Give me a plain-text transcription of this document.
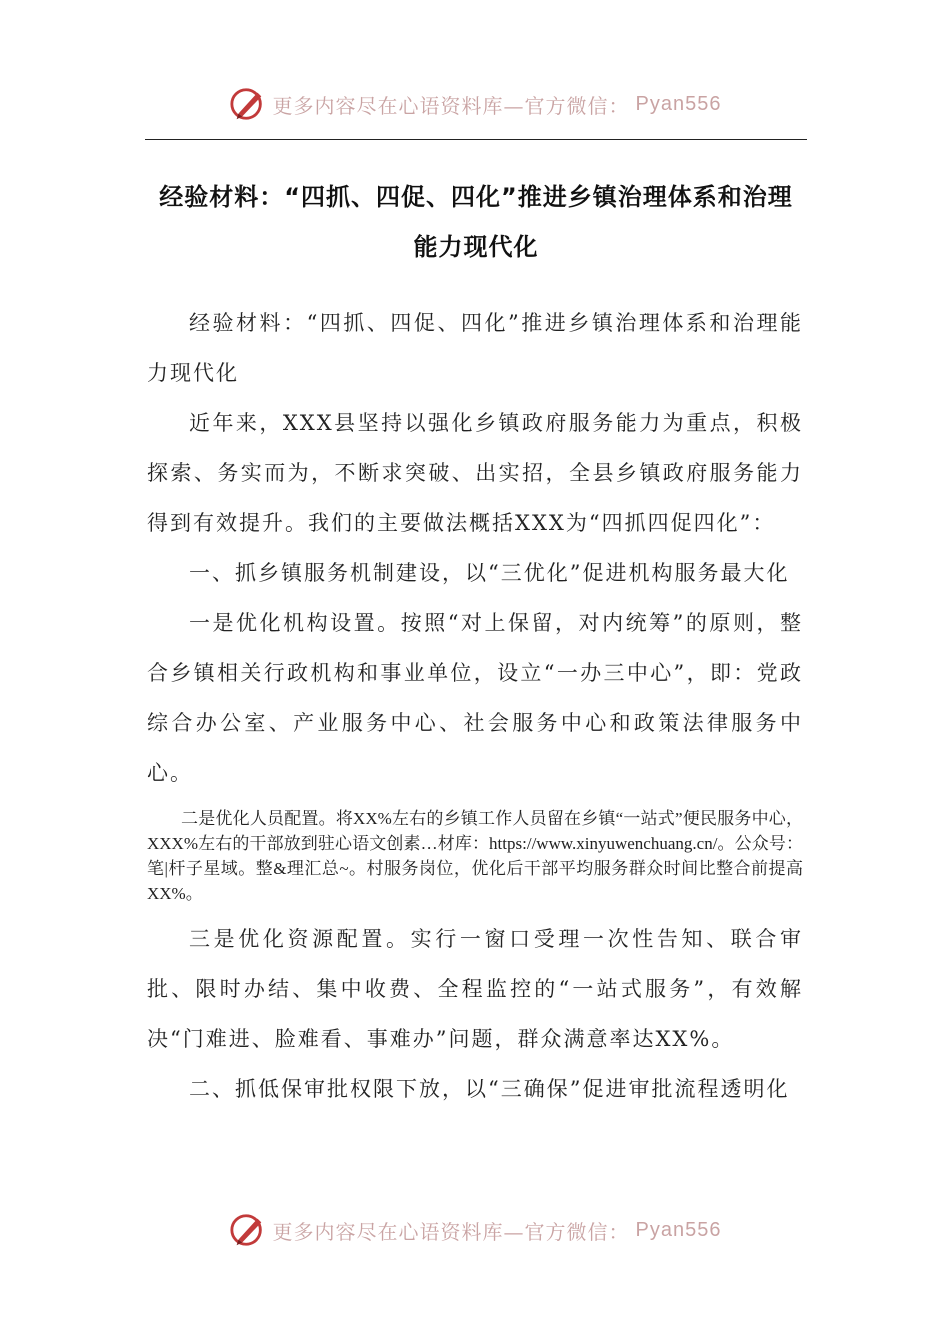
更多内容尽在心语资料库—官方微信： Pyan556
经验材料：“四抓、四促、四化”推进乡镇治理体系和治理能力现代化

经验材料：“四抓、四促、四化”推进乡镇治理体系和治理能力现代化

近年来，XXX县坚持以强化乡镇政府服务能力为重点，积极探索、务实而为，不断求突破、出实招，全县乡镇政府服务能力得到有效提升。我们的主要做法概括XXX为“四抓四促四化”：

一、抓乡镇服务机制建设，以“三优化”促进机构服务最大化

一是优化机构设置。按照“对上保留，对内统筹”的原则，整合乡镇相关行政机构和事业单位，设立“一办三中心”，即：党政综合办公室、产业服务中心、社会服务中心和政策法律服务中心。

二是优化人员配置。将XX%左右的乡镇工作人员留在乡镇“一站式”便民服务中心，XXX%左右的干部放到驻心语文创素…材库：https://www.xinyuwenchuang.cn/。公众号：笔|杆子星域。整&理汇总~。村服务岗位，优化后干部平均服务群众时间比整合前提高XX%。

三是优化资源配置。实行一窗口受理一次性告知、联合审批、限时办结、集中收费、全程监控的“一站式服务”，有效解决“门难进、脸难看、事难办”问题，群众满意率达XX%。

二、抓低保审批权限下放，以“三确保”促进审批流程透明化

更多内容尽在心语资料库—官方微信： Pyan556
